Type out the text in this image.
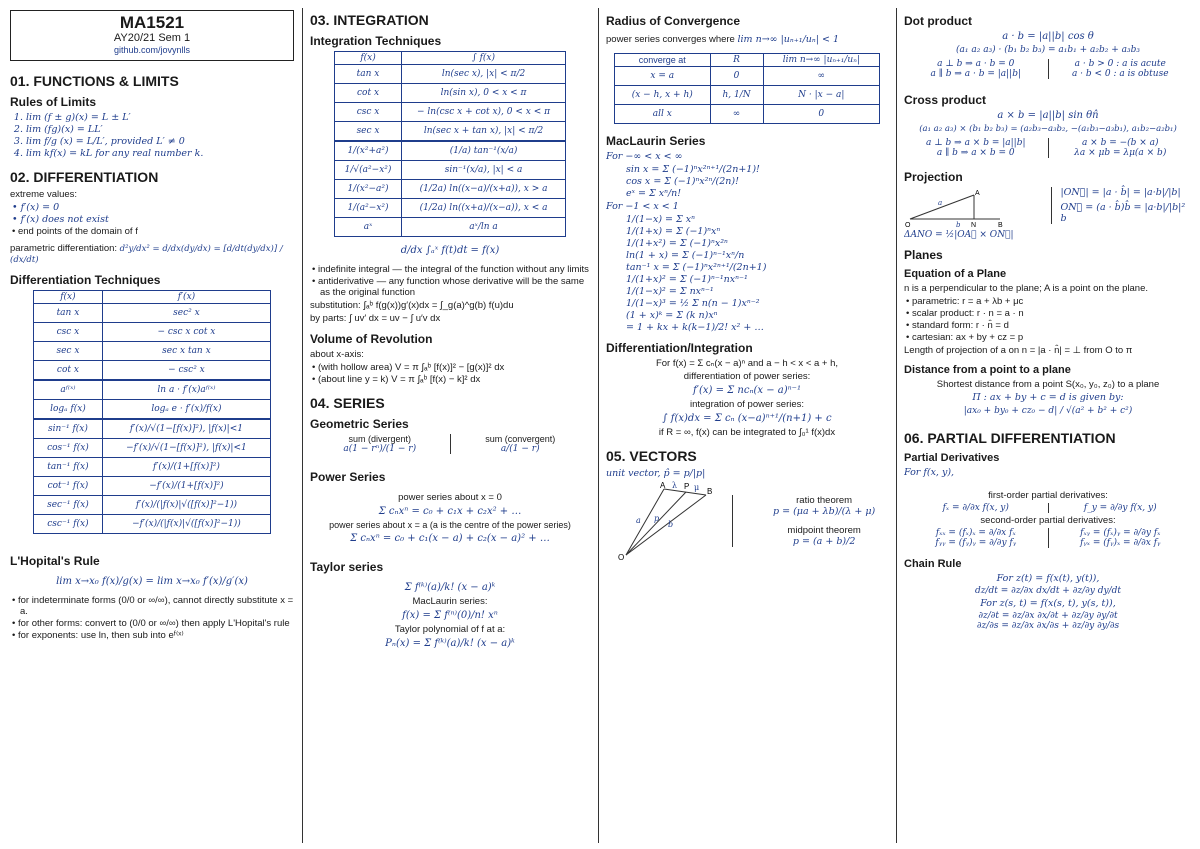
MA1521
AY20/21 Sem 1
github.com/jovynlls
01. FUNCTIONS & LIMITS
Rules of Limits
1. lim (f ± g)(x) = L ± L′
2. lim (fg)(x) = LL′
3. lim f/g (x) = L/L′, provided L′ ≠ 0
4. lim kf(x) = kL for any real number k.
02. DIFFERENTIATION

extreme values:

• f′(x) = 0
• f′(x) does not exist
• end points of the domain of f

parametric differentiation: d²y/dx² = d/dx(dy/dx) = [d/dt(dy/dx)] / (dx/dt)

Differentiation Techniques
f(x)	f′(x)
tan x	sec² x
csc x	− csc x cot x
sec x	sec x tan x
cot x	− csc² x
aᶠ⁽ˣ⁾	ln a · f′(x)aᶠ⁽ˣ⁾
logₐ f(x)	logₐ e · f′(x)/f(x)
sin⁻¹ f(x)	f′(x)/√(1−[f(x)]²), |f(x)|<1
cos⁻¹ f(x)	−f′(x)/√(1−[f(x)]²), |f(x)|<1
tan⁻¹ f(x)	f′(x)/(1+[f(x)]²)
cot⁻¹ f(x)	−f′(x)/(1+[f(x)]²)
sec⁻¹ f(x)	f′(x)/(|f(x)|√([f(x)]²−1))
csc⁻¹ f(x)	−f′(x)/(|f(x)|√([f(x)]²−1))
L'Hopital's Rule
lim x→x₀ f(x)/g(x) = lim x→x₀ f′(x)/g′(x)
• for indeterminate forms (0/0 or ∞/∞), cannot directly substitute x = a.
• for other forms: convert to (0/0 or ∞/∞) then apply L'Hopital's rule
• for exponents: use ln, then sub into eᶠ⁽ˣ⁾
03. INTEGRATION
Integration Techniques
f(x)	∫ f(x)
tan x	ln(sec x), |x| < π/2
cot x	ln(sin x), 0 < x < π
csc x	− ln(csc x + cot x), 0 < x < π
sec x	ln(sec x + tan x), |x| < π/2
1/(x²+a²)	(1/a) tan⁻¹(x/a)
1/√(a²−x²)	sin⁻¹(x/a), |x| < a
1/(x²−a²)	(1/2a) ln((x−a)/(x+a)), x > a
1/(a²−x²)	(1/2a) ln((x+a)/(x−a)), x < a
aˣ	aˣ/ln a
d/dx ∫ₐˣ f(t)dt = f(x)
• indefinite integral — the integral of the function without any limits
• antiderivative — any function whose derivative will be the same as the original function

substitution: ∫ₐᵇ f(g(x))g′(x)dx = ∫_g(a)^g(b) f(u)du

by parts: ∫ uv′ dx = uv − ∫ u′v dx

Volume of Revolution

about x-axis:

• (with hollow area) V = π ∫ₐᵇ [f(x)]² − [g(x)]² dx
• (about line y = k) V = π ∫ₐᵇ [f(x) − k]² dx
04. SERIES
Geometric Series
sum (divergent)
a(1 − rⁿ)/(1 − r)
sum (convergent)
a/(1 − r)
Power Series

power series about x = 0

Σ cₙxⁿ = c₀ + c₁x + c₂x² + …

power series about x = a (a is the centre of the power series)

Σ cₙxⁿ = c₀ + c₁(x − a) + c₂(x − a)² + …
Taylor series
Σ f⁽ᵏ⁾(a)/k! (x − a)ᵏ

MacLaurin series:

f(x) = Σ f⁽ⁿ⁾(0)/n! xⁿ

Taylor polynomial of f at a:

Pₙ(x) = Σ f⁽ᵏ⁾(a)/k! (x − a)ᵏ
Radius of Convergence

power series converges where lim n→∞ |uₙ₊₁/uₙ| < 1

converge at	R	lim n→∞ |uₙ₊₁/uₙ|
x = a	0	∞
(x − h, x + h)	h, 1/N	N · |x − a|
all x	∞	0
MacLaurin Series

For −∞ < x < ∞

sin x = Σ (−1)ⁿx²ⁿ⁺¹/(2n+1)!
cos x = Σ (−1)ⁿx²ⁿ/(2n)!
eˣ = Σ xⁿ/n!

For −1 < x < 1

1/(1−x) = Σ xⁿ
1/(1+x) = Σ (−1)ⁿxⁿ
1/(1+x²) = Σ (−1)ⁿx²ⁿ
ln(1 + x) = Σ (−1)ⁿ⁻¹xⁿ/n
tan⁻¹ x = Σ (−1)ⁿx²ⁿ⁺¹/(2n+1)
1/(1+x)² = Σ (−1)ⁿ⁻¹nxⁿ⁻¹
1/(1−x)² = Σ nxⁿ⁻¹
1/(1−x)³ = ½ Σ n(n − 1)xⁿ⁻²
(1 + x)ᵏ = Σ (k n)xⁿ
= 1 + kx + k(k−1)/2! x² + …
Differentiation/Integration

For f(x) = Σ cₙ(x − a)ⁿ and a − h < x < a + h,

differentiation of power series:

f′(x) = Σ ncₙ(x − a)ⁿ⁻¹

integration of power series:

∫ f(x)dx = Σ cₙ (x−a)ⁿ⁺¹/(n+1) + c

if R = ∞, f(x) can be integrated to ∫₀¹ f(x)dx

05. VECTORS

unit vector, p̂ = p/|p|

A λ P μ B
a p
b
O
ratio theorem
p = (μa + λb)/(λ + μ)
midpoint theorem
p = (a + b)/2
Dot product
a · b = |a||b| cos θ
(a₁ a₂ a₃) · (b₁ b₂ b₃) = a₁b₁ + a₂b₂ + a₃b₃
a ⊥ b ⇒ a · b = 0
a ∥ b ⇒ a · b = |a||b|
a · b > 0 : a is acute
a · b < 0 : a is obtuse
Cross product
a × b = |a||b| sin θn̂
(a₁ a₂ a₃) × (b₁ b₂ b₃) = (a₂b₃−a₃b₂, −(a₁b₃−a₃b₁), a₁b₂−a₂b₁)
a ⊥ b ⇒ a × b = |a||b|
a ∥ b ⇒ a × b = 0
a × b = −(b × a)
λa × μb = λμ(a × b)
Projection
A
a
O	b N	B
ΔANO = ½|OA⃗ × ON⃗|
|ON⃗| = |a · b̂| = |a·b|/|b|
ON⃗ = (a · b̂)b̂ = |a·b|/|b|² b
Planes
Equation of a Plane

n is a perpendicular to the plane; A is a point on the plane.

• parametric: r = a + λb + μc
• scalar product: r · n = a · n
• standard form: r · n̂ = d
• cartesian: ax + by + cz = p

Length of projection of a on n = |a · n̂| = ⊥ from O to π

Distance from a point to a plane

Shortest distance from a point S(x₀, y₀, z₀) to a plane

Π : ax + by + c = d is given by:

|ax₀ + by₀ + cz₀ − d| / √(a² + b² + c²)
06. PARTIAL DIFFERENTIATION
Partial Derivatives

For f(x, y),

first-order partial derivatives:

fₓ = ∂/∂x f(x, y)	f_y = ∂/∂y f(x, y)

second-order partial derivatives:

fₓₓ = (fₓ)ₓ = ∂/∂x fₓ
fᵧᵧ = (fᵧ)ᵧ = ∂/∂y fᵧ
fₓᵧ = (fₓ)ᵧ = ∂/∂y fₓ
fᵧₓ = (fᵧ)ₓ = ∂/∂x fᵧ
Chain Rule

For z(t) = f(x(t), y(t)),

dz/dt = ∂z/∂x dx/dt + ∂z/∂y dy/dt

For z(s, t) = f(x(s, t), y(s, t)),

∂z/∂t = ∂z/∂x ∂x/∂t + ∂z/∂y ∂y/∂t
∂z/∂s = ∂z/∂x ∂x/∂s + ∂z/∂y ∂y/∂s
